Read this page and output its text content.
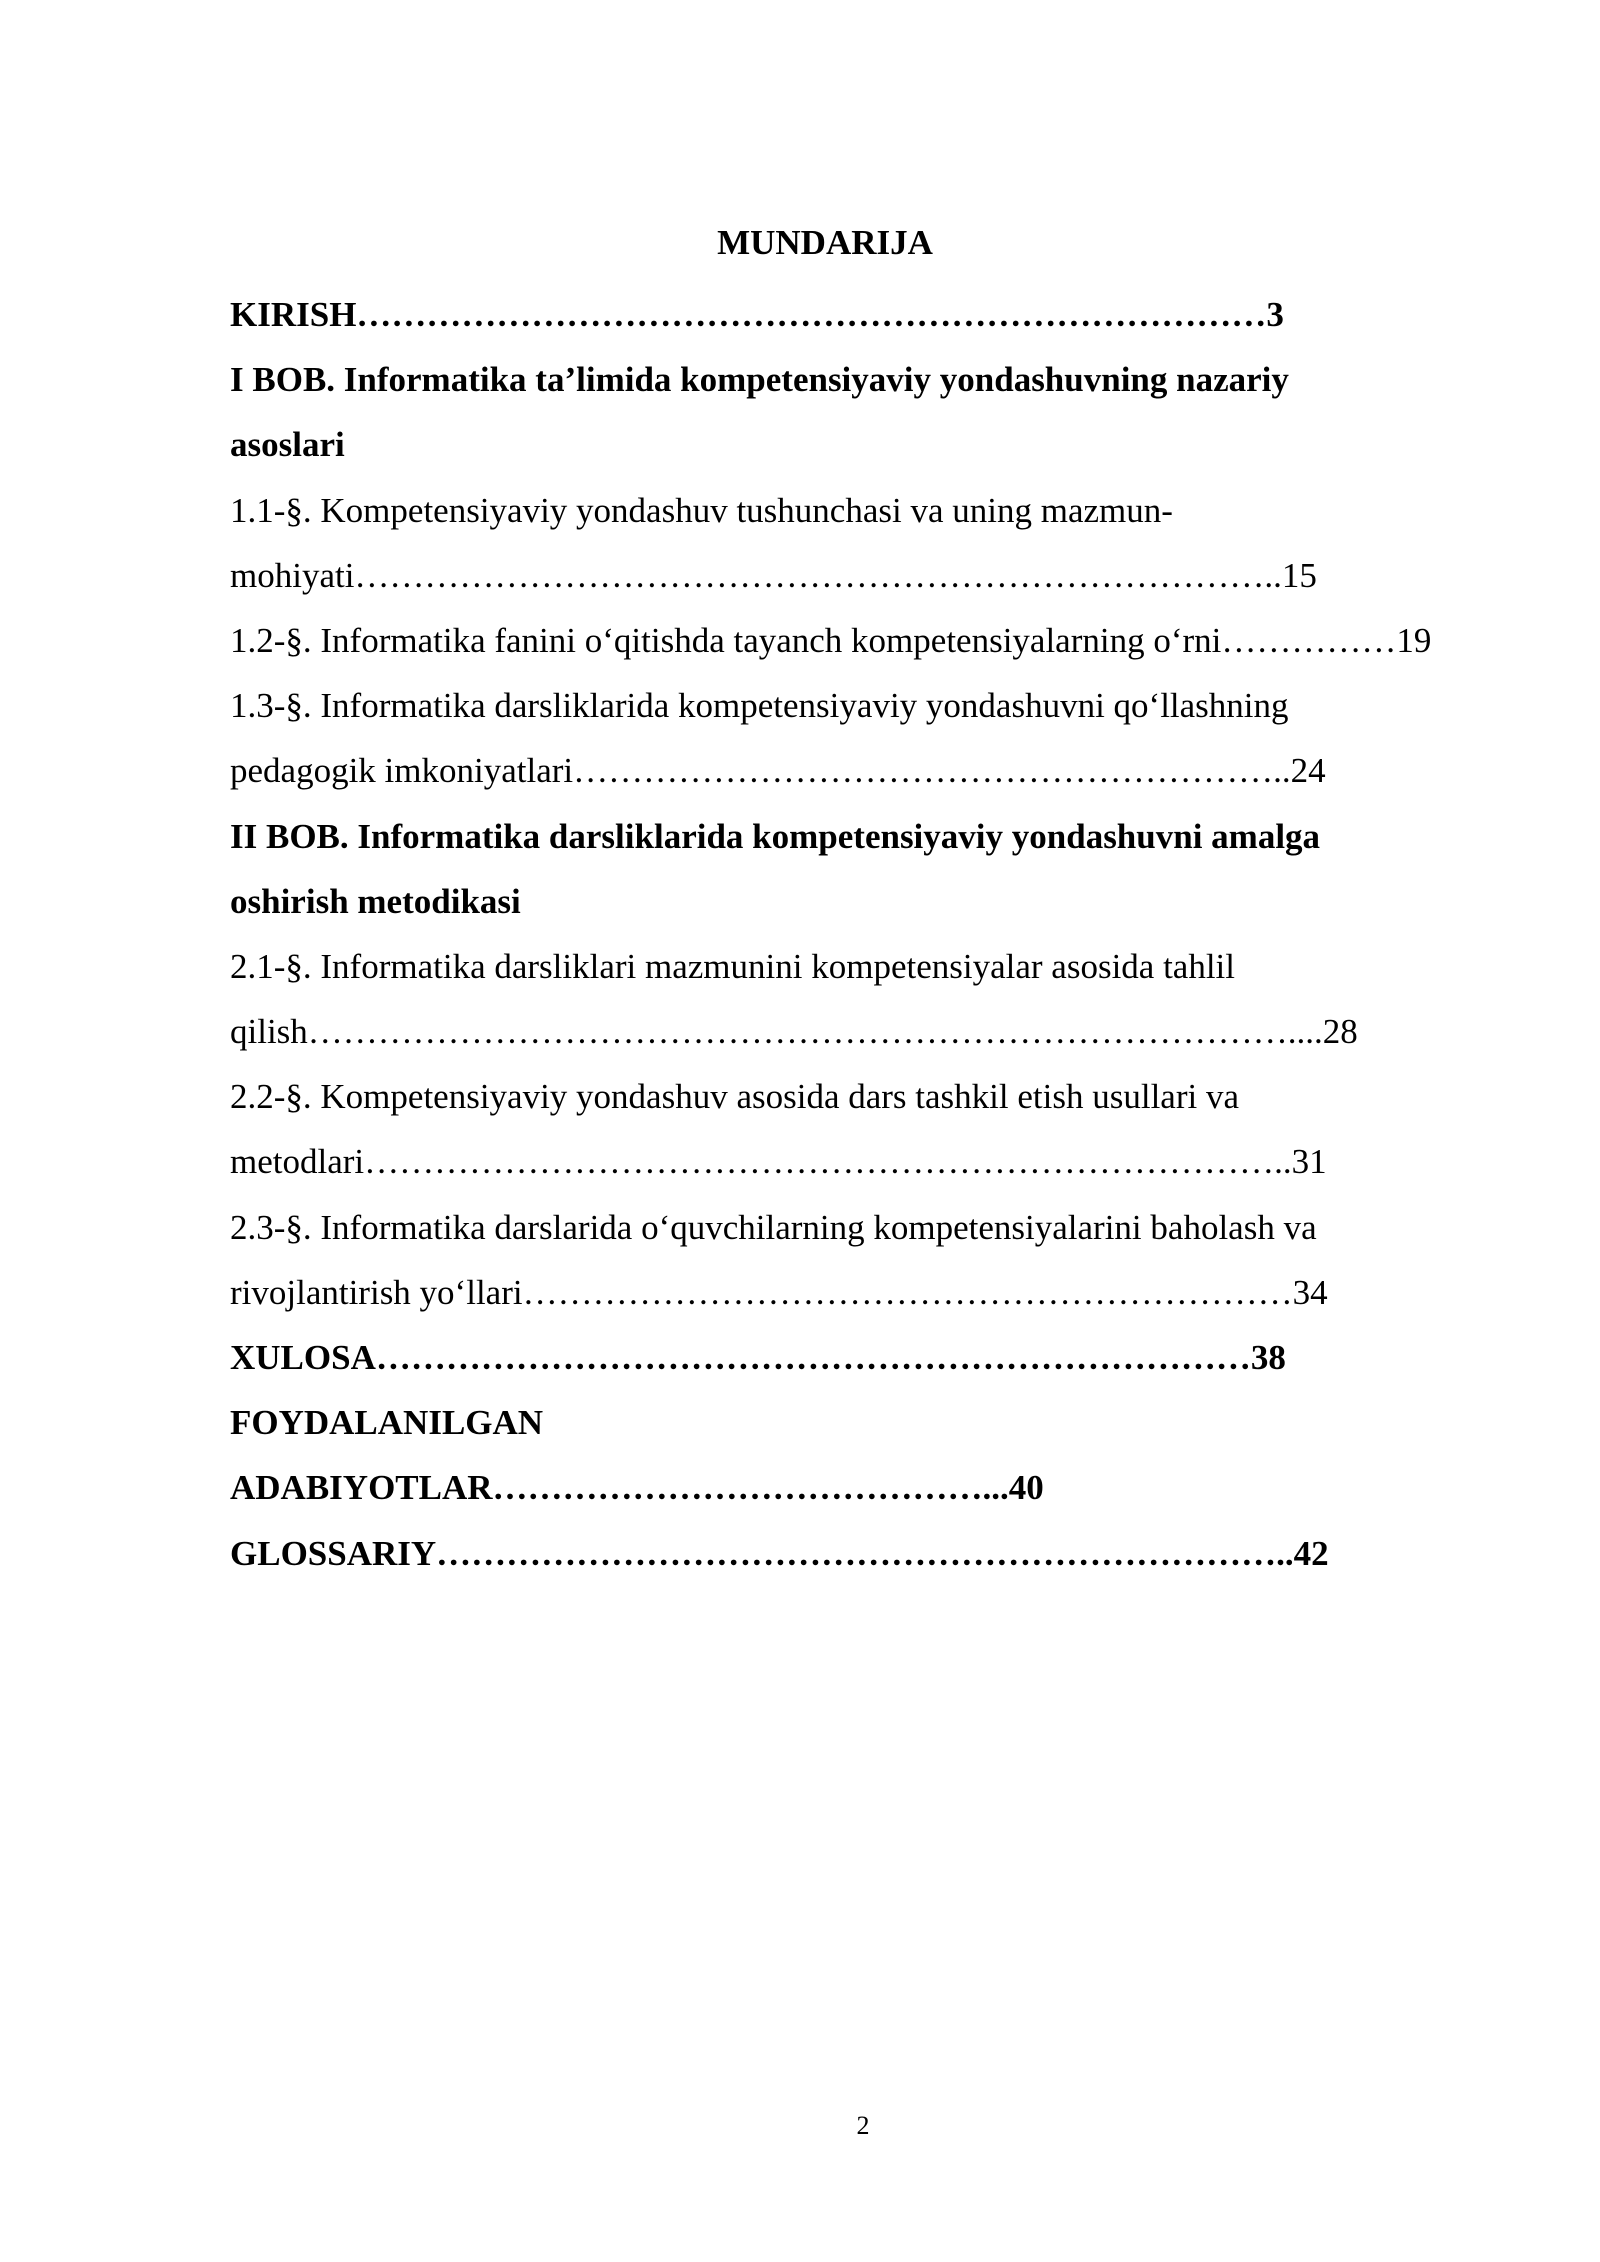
MUNDARIJA
KIRISH……………………………………………………………………3
I BOB. Informatika ta’limida kompetensiyaviy yondashuvning nazariy
asoslari
1.1-§. Kompetensiyaviy yondashuv tushunchasi va uning mazmun-
mohiyati……………………………………………………………………..15
1.2-§. Informatika fanini o‘qitishda tayanch kompetensiyalarning o‘rni……………19
1.3-§. Informatika darsliklarida kompetensiyaviy yondashuvni qo‘llashning
pedagogik imkoniyatlari……………………………………………………..24
II BOB. Informatika darsliklarida kompetensiyaviy yondashuvni amalga
oshirish metodikasi
2.1-§. Informatika darsliklari mazmunini kompetensiyalar asosida tahlil
qilish…………………………………………………………………………....28
2.2-§. Kompetensiyaviy yondashuv asosida dars tashkil etish usullari va
metodlari……………………………………………………………………..31
2.3-§. Informatika darslarida o‘quvchilarning kompetensiyalarini baholash va
rivojlantirish yo‘llari…………………………………………………………34
XULOSA…………………………………………………………………38
FOYDALANILGAN
ADABIYOTLAR……………………………………...40
GLOSSARIY………………………………………………………………..42
2
